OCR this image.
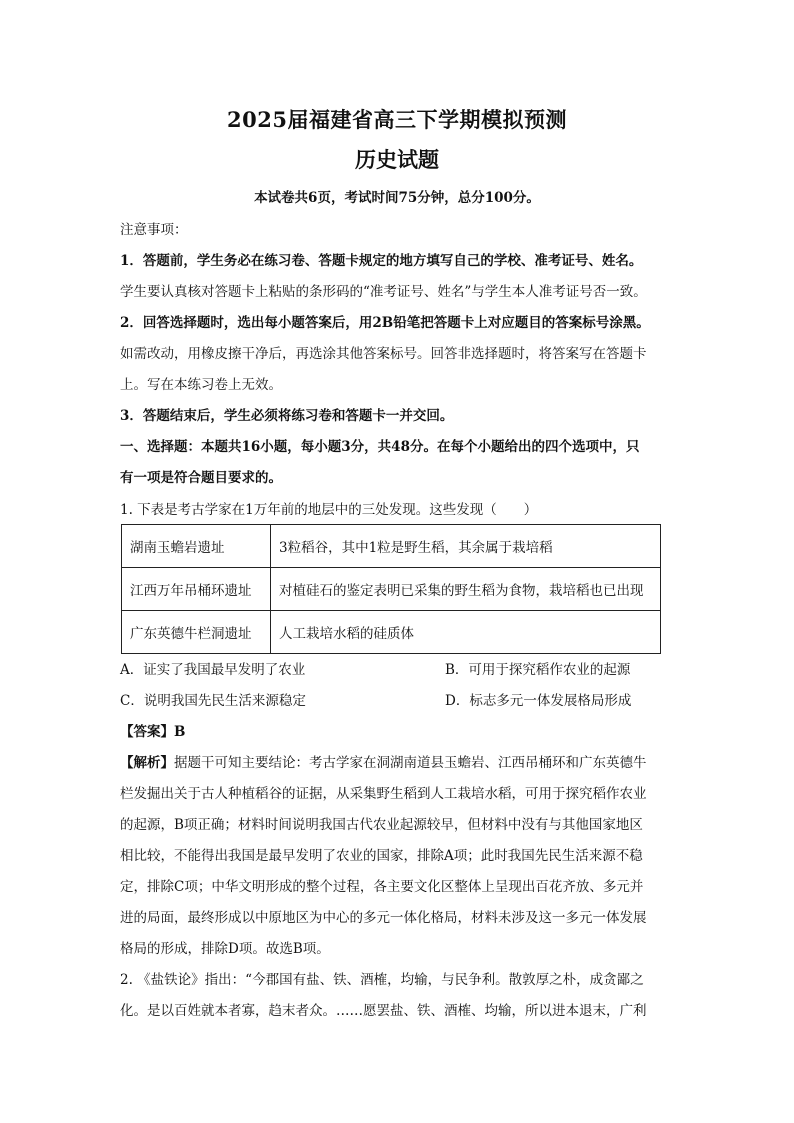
2025届福建省高三下学期模拟预测
历史试题
本试卷共6页，考试时间75分钟，总分100分。
注意事项：
1．答题前，学生务必在练习卷、答题卡规定的地方填写自己的学校、准考证号、姓名。
学生要认真核对答题卡上粘贴的条形码的“准考证号、姓名”与学生本人准考证号否一致。
2．回答选择题时，选出每小题答案后，用2B铅笔把答题卡上对应题目的答案标号涂黑。
如需改动，用橡皮擦干净后，再选涂其他答案标号。回答非选择题时，将答案写在答题卡
上。写在本练习卷上无效。
3．答题结束后，学生必须将练习卷和答题卡一并交回。
一、选择题：本题共16小题，每小题3分，共48分。在每个小题给出的四个选项中，只
有一项是符合题目要求的。
1. 下表是考古学家在1万年前的地层中的三处发现。这些发现（　　）
湖南玉蟾岩遗址	3粒稻谷，其中1粒是野生稻，其余属于栽培稻
江西万年吊桶环遗址	对植硅石的鉴定表明已采集的野生稻为食物，栽培稻也已出现
广东英德牛栏洞遗址	人工栽培水稻的硅质体
A．证实了我国最早发明了农业	B．可用于探究稻作农业的起源
C．说明我国先民生活来源稳定	D．标志多元一体发展格局形成
【答案】B
【解析】据题干可知主要结论：考古学家在洞湖南道县玉蟾岩、江西吊桶环和广东英德牛
栏发掘出关于古人种植稻谷的证据，从采集野生稻到人工栽培水稻，可用于探究稻作农业
的起源，B项正确；材料时间说明我国古代农业起源较早，但材料中没有与其他国家地区
相比较，不能得出我国是最早发明了农业的国家，排除A项；此时我国先民生活来源不稳
定，排除C项；中华文明形成的整个过程，各主要文化区整体上呈现出百花齐放、多元并
进的局面，最终形成以中原地区为中心的多元一体化格局，材料未涉及这一多元一体发展
格局的形成，排除D项。故选B项。
2. 《盐铁论》指出：“今郡国有盐、铁、酒榷，均输，与民争利。散敦厚之朴，成贪鄙之
化。是以百姓就本者寡，趋末者众。……愿罢盐、铁、酒榷、均输，所以进本退末，广利
